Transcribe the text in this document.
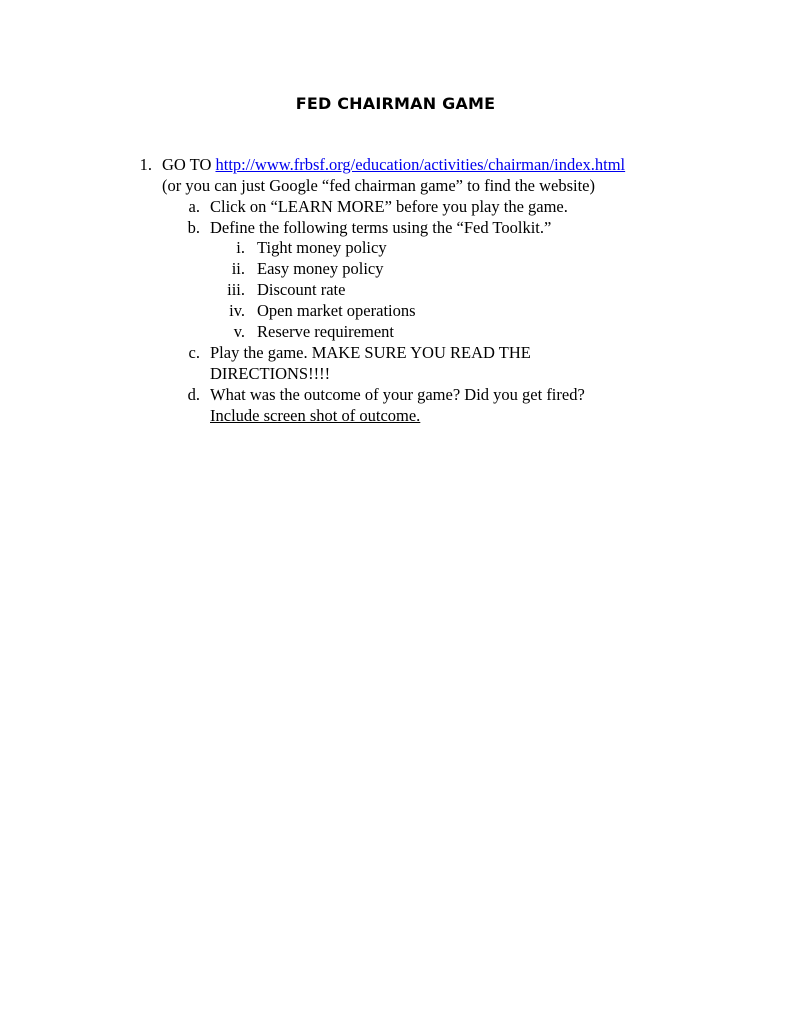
FED CHAIRMAN GAME
1. GO TO http://www.frbsf.org/education/activities/chairman/index.html
(or you can just Google “fed chairman game” to find the website)
a. Click on “LEARN MORE” before you play the game.
b. Define the following terms using the “Fed Toolkit.”
i. Tight money policy
ii. Easy money policy
iii. Discount rate
iv. Open market operations
v. Reserve requirement
c. Play the game. MAKE SURE YOU READ THE
DIRECTIONS!!!!
d. What was the outcome of your game? Did you get fired?
Include screen shot of outcome.
